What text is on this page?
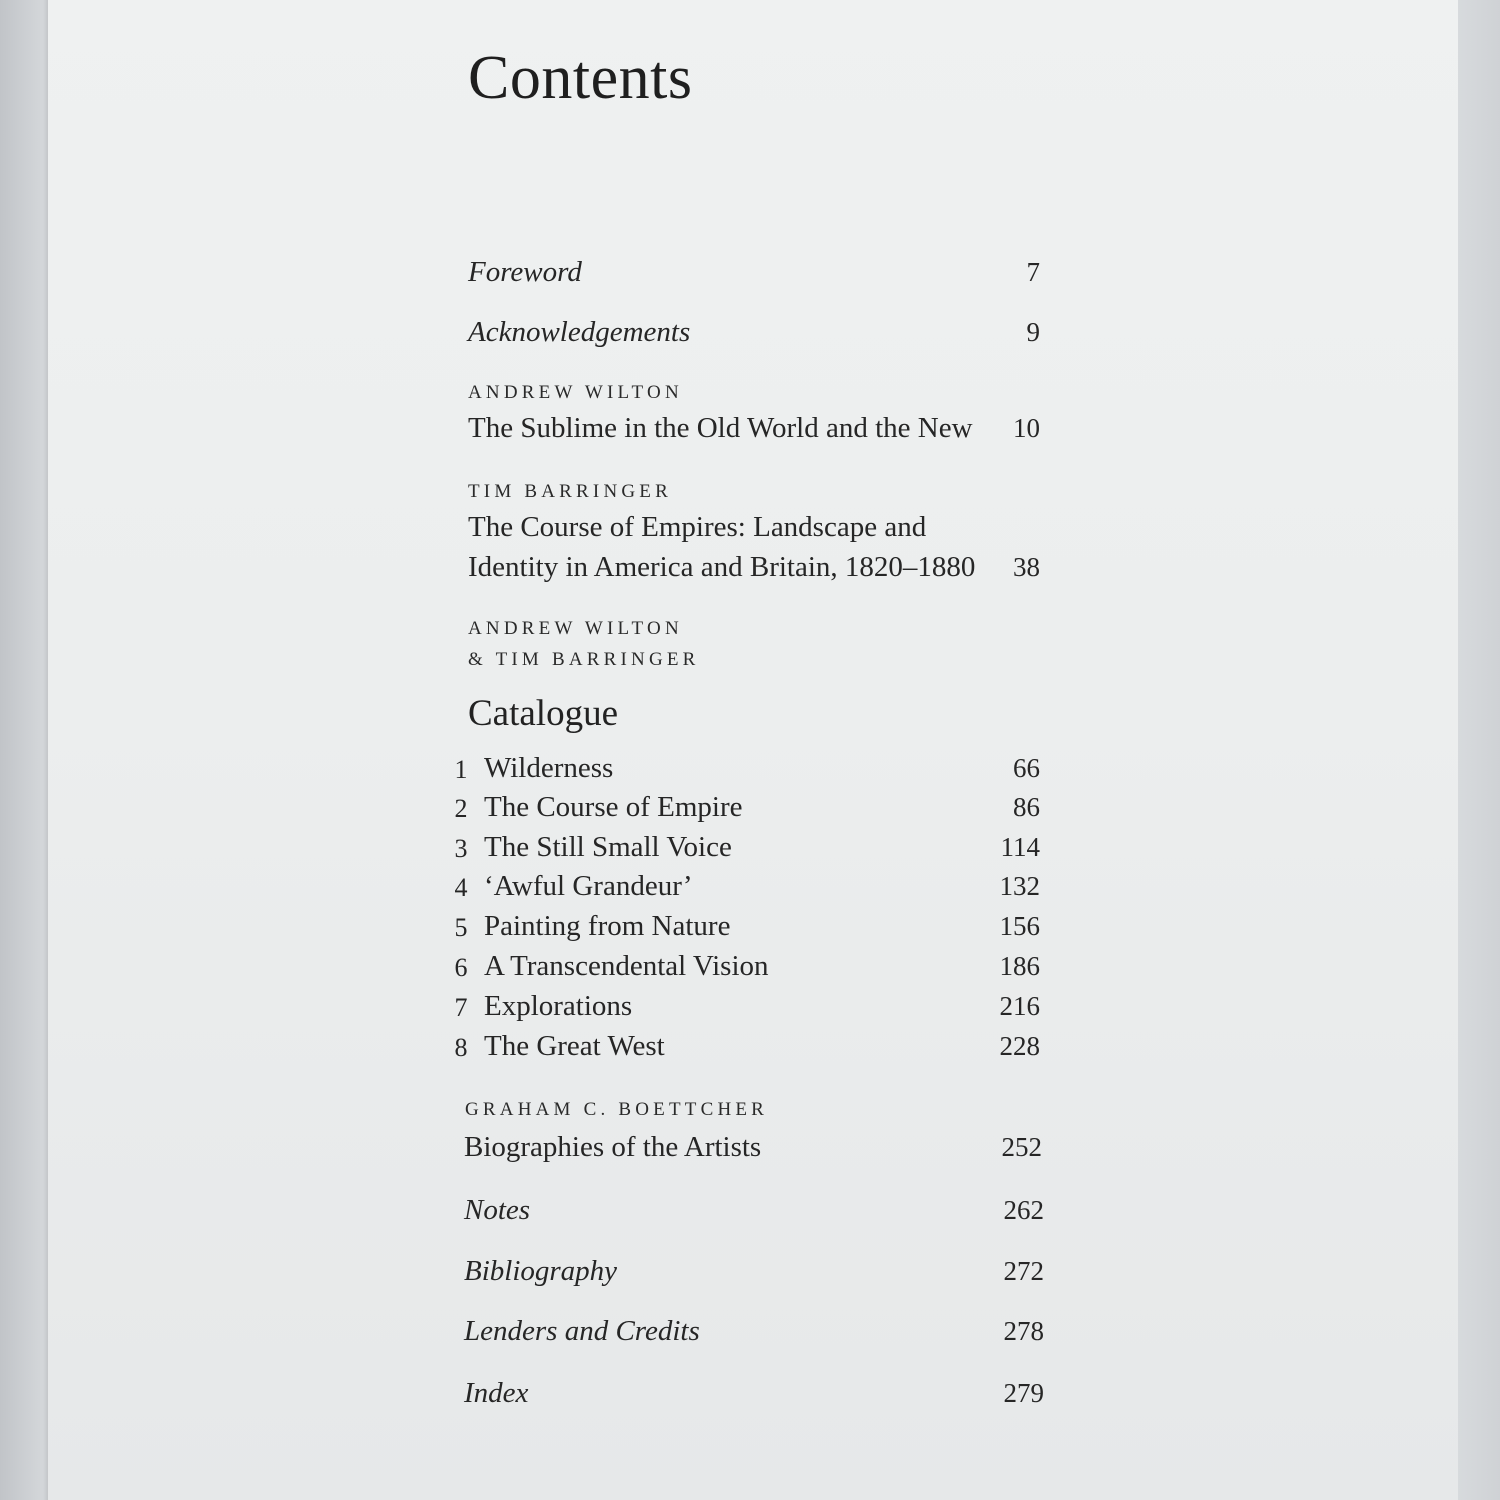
Contents
Foreword	7
Acknowledgements	9
ANDREW WILTON
The Sublime in the Old World and the New 10
TIM BARRINGER
The Course of Empires: Landscape and
Identity in America and Britain, 1820–1880 38
ANDREW WILTON
& TIM BARRINGER
Catalogue
1 Wilderness	66
2 The Course of Empire	86
3 The Still Small Voice	114
4 ‘Awful Grandeur’	132
5 Painting from Nature	156
6 A Transcendental Vision	186
7 Explorations	216
8 The Great West	228
GRAHAM C. BOETTCHER
Biographies of the Artists	252
Notes	262
Bibliography	272
Lenders and Credits	278
Index	279
